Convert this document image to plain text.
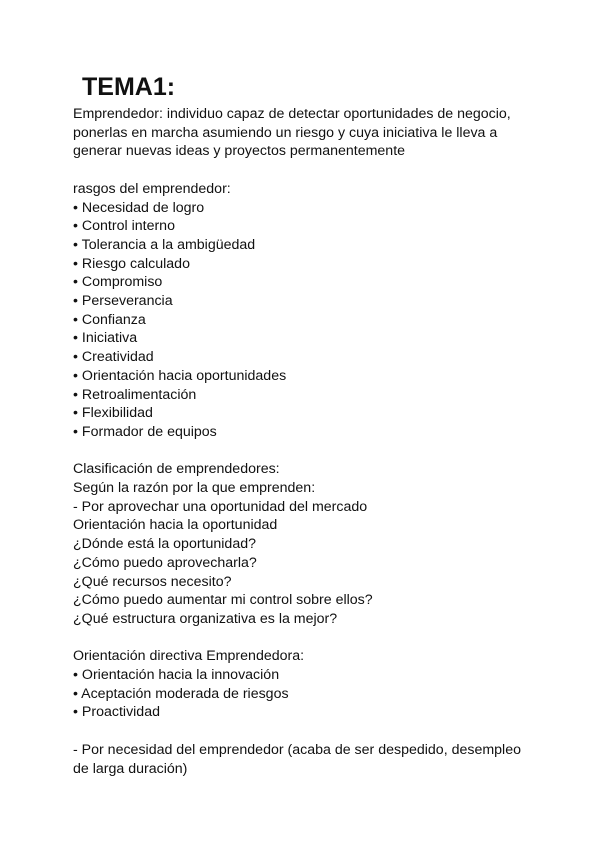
TEMA1:

Emprendedor: individuo capaz de detectar oportunidades de negocio,

ponerlas en marcha asumiendo un riesgo y cuya iniciativa le lleva a

generar nuevas ideas y proyectos permanentemente

rasgos del emprendedor:

• Necesidad de logro

• Control interno

• Tolerancia a la ambigüedad

• Riesgo calculado

• Compromiso

• Perseverancia

• Confianza

• Iniciativa

• Creatividad

• Orientación hacia oportunidades

• Retroalimentación

• Flexibilidad

• Formador de equipos

Clasificación de emprendedores:

Según la razón por la que emprenden:

- Por aprovechar una oportunidad del mercado

Orientación hacia la oportunidad

¿Dónde está la oportunidad?

¿Cómo puedo aprovecharla?

¿Qué recursos necesito?

¿Cómo puedo aumentar mi control sobre ellos?

¿Qué estructura organizativa es la mejor?

Orientación directiva Emprendedora:

• Orientación hacia la innovación

• Aceptación moderada de riesgos

• Proactividad

- Por necesidad del emprendedor (acaba de ser despedido, desempleo

de larga duración)
